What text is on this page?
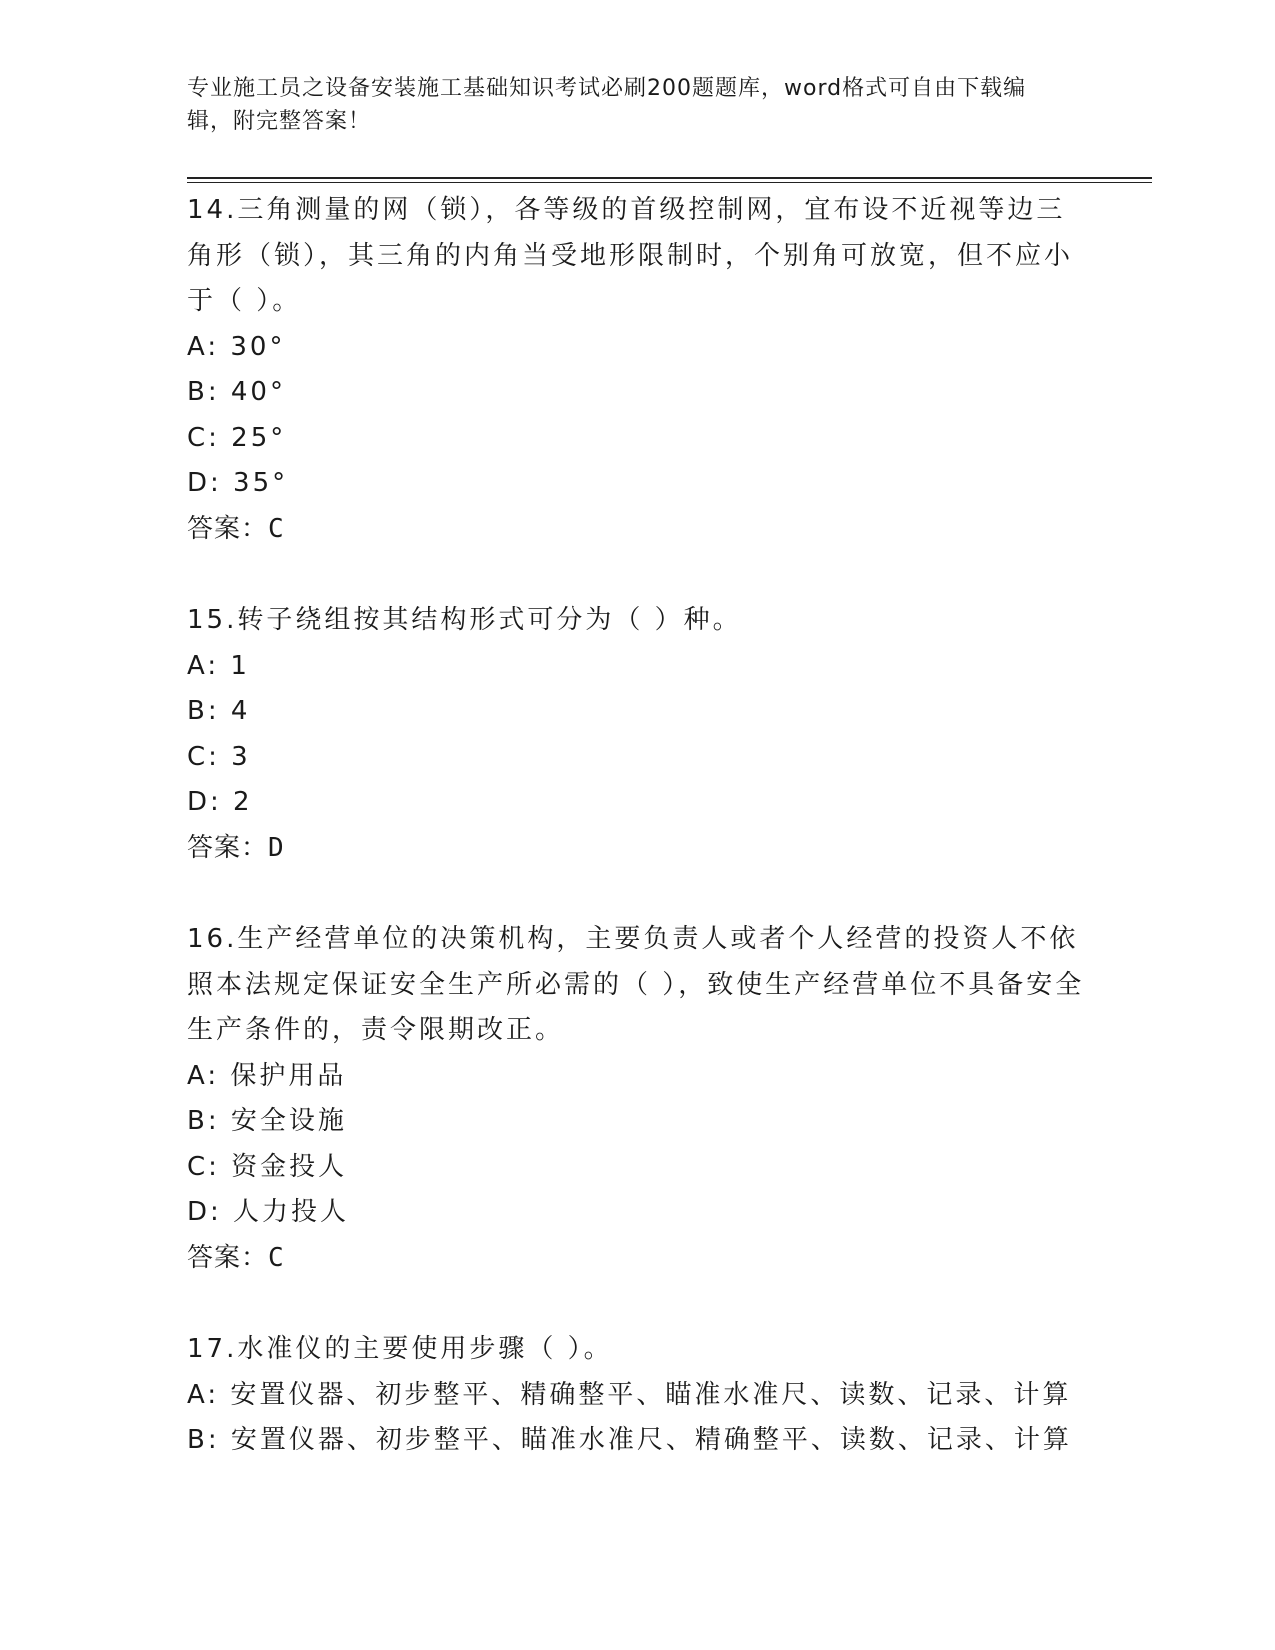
专业施工员之设备安装施工基础知识考试必刷200题题库，word格式可自由下载编辑，附完整答案！

14.三角测量的网（锁），各等级的首级控制网，宜布设不近视等边三角形（锁），其三角的内角当受地形限制时，个别角可放宽，但不应小于（ ）。

A: 30°

B: 40°

C: 25°

D: 35°

答案：C

15.转子绕组按其结构形式可分为（ ）种。

A: 1

B: 4

C: 3

D: 2

答案：D

16.生产经营单位的决策机构，主要负责人或者个人经营的投资人不依照本法规定保证安全生产所必需的（ ），致使生产经营单位不具备安全生产条件的，责令限期改正。

A: 保护用品

B: 安全设施

C: 资金投人

D: 人力投人

答案：C

17.水准仪的主要使用步骤（ ）。

A: 安置仪器、初步整平、精确整平、瞄准水准尺、读数、记录、计算

B: 安置仪器、初步整平、瞄准水准尺、精确整平、读数、记录、计算
